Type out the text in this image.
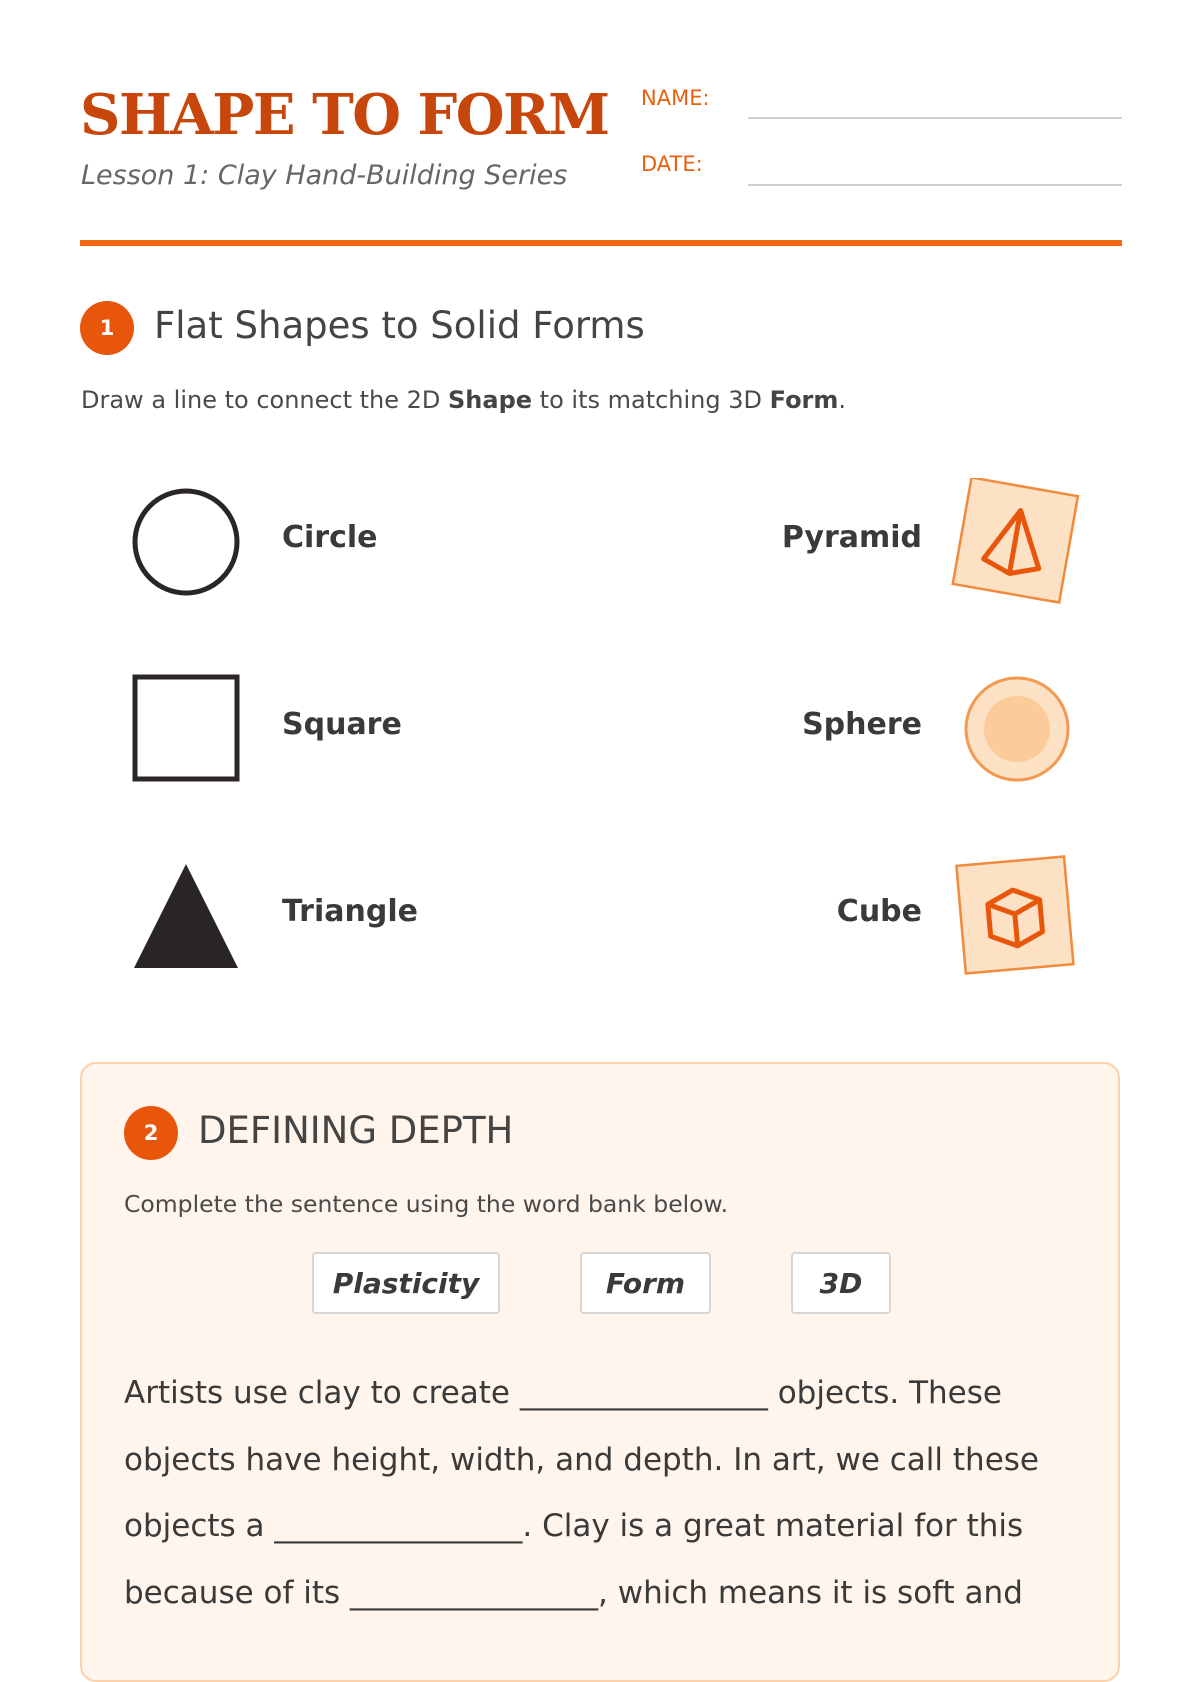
SHAPE TO FORM
Lesson 1: Clay Hand-Building Series
NAME:
DATE:
1	Flat Shapes to Solid Forms
Draw a line to connect the 2D Shape to its matching 3D Form.
Circle
Square
Triangle
Pyramid
Sphere
Cube
2	DEFINING DEPTH
Complete the sentence using the word bank below.
Plasticity	Form	3D
Artists use clay to create ________________ objects. These objects have height, width, and depth. In art, we call these objects a ________________. Clay is a great material for this because of its ________________, which means it is soft and
